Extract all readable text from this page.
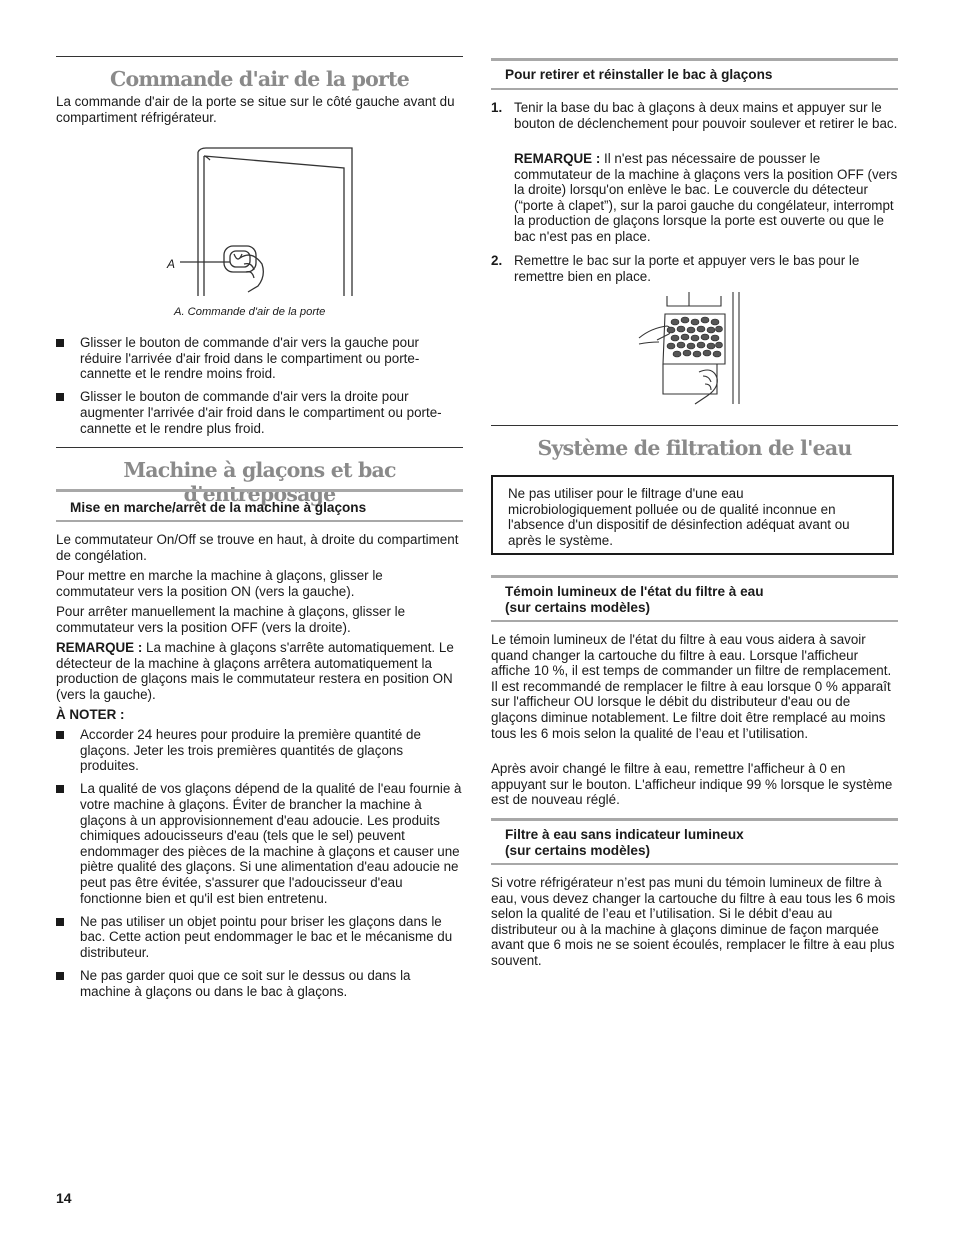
Commande d'air de la porte

La commande d'air de la porte se situe sur le côté gauche avant du compartiment réfrigérateur.

A
A. Commande d'air de la porte
Glisser le bouton de commande d'air vers la gauche pour réduire l'arrivée d'air froid dans le compartiment ou porte-cannette et le rendre moins froid.
Glisser le bouton de commande d'air vers la droite pour augmenter l'arrivée d'air froid dans le compartiment ou porte-cannette et le rendre plus froid.
Machine à glaçons et bac d'entreposage
Mise en marche/arrêt de la machine à glaçons

Le commutateur On/Off se trouve en haut, à droite du compartiment de congélation.

Pour mettre en marche la machine à glaçons, glisser le commutateur vers la position ON (vers la gauche).

Pour arrêter manuellement la machine à glaçons, glisser le commutateur vers la position OFF (vers la droite).

REMARQUE : La machine à glaçons s'arrête automatiquement. Le détecteur de la machine à glaçons arrêtera automatiquement la production de glaçons mais le commutateur restera en position ON (vers la gauche).

À NOTER :

Accorder 24 heures pour produire la première quantité de glaçons. Jeter les trois premières quantités de glaçons produites.
La qualité de vos glaçons dépend de la qualité de l'eau fournie à votre machine à glaçons. Éviter de brancher la machine à glaçons à un approvisionnement d'eau adoucie. Les produits chimiques adoucisseurs d'eau (tels que le sel) peuvent endommager des pièces de la machine à glaçons et causer une piètre qualité des glaçons. Si une alimentation d'eau adoucie ne peut pas être évitée, s'assurer que l'adoucisseur d'eau fonctionne bien et qu'il est bien entretenu.
Ne pas utiliser un objet pointu pour briser les glaçons dans le bac. Cette action peut endommager le bac et le mécanisme du distributeur.
Ne pas garder quoi que ce soit sur le dessus ou dans la machine à glaçons ou dans le bac à glaçons.
Pour retirer et réinstaller le bac à glaçons
1. Tenir la base du bac à glaçons à deux mains et appuyer sur le bouton de déclenchement pour pouvoir soulever et retirer le bac.

REMARQUE : Il n'est pas nécessaire de pousser le commutateur de la machine à glaçons vers la position OFF (vers la droite) lorsqu'on enlève le bac. Le couvercle du détecteur (“porte à clapet”), sur la paroi gauche du congélateur, interrompt la production de glaçons lorsque la porte est ouverte ou que le bac n'est pas en place.

2. Remettre le bac sur la porte et appuyer vers le bas pour le remettre bien en place.

Système de filtration de l'eau

Ne pas utiliser pour le filtrage d'une eau microbiologiquement polluée ou de qualité inconnue en l'absence d'un dispositif de désinfection adéquat avant ou après le système.

Témoin lumineux de l'état du filtre à eau
(sur certains modèles)

Le témoin lumineux de l'état du filtre à eau vous aidera à savoir quand changer la cartouche du filtre à eau. Lorsque l'afficheur affiche 10 %, il est temps de commander un filtre de remplacement. Il est recommandé de remplacer le filtre à eau lorsque 0 % apparaît sur l'afficheur OU lorsque le débit du distributeur d'eau ou de glaçons diminue notablement. Le filtre doit être remplacé au moins tous les 6 mois selon la qualité de l’eau et l’utilisation.

Après avoir changé le filtre à eau, remettre l'afficheur à 0 en appuyant sur le bouton. L'afficheur indique 99 % lorsque le système est de nouveau réglé.

Filtre à eau sans indicateur lumineux
(sur certains modèles)

Si votre réfrigérateur n’est pas muni du témoin lumineux de filtre à eau, vous devez changer la cartouche du filtre à eau tous les 6 mois selon la qualité de l’eau et l’utilisation. Si le débit d'eau au distributeur ou à la machine à glaçons diminue de façon marquée avant que 6 mois ne se soient écoulés, remplacer le filtre à eau plus souvent.

14
